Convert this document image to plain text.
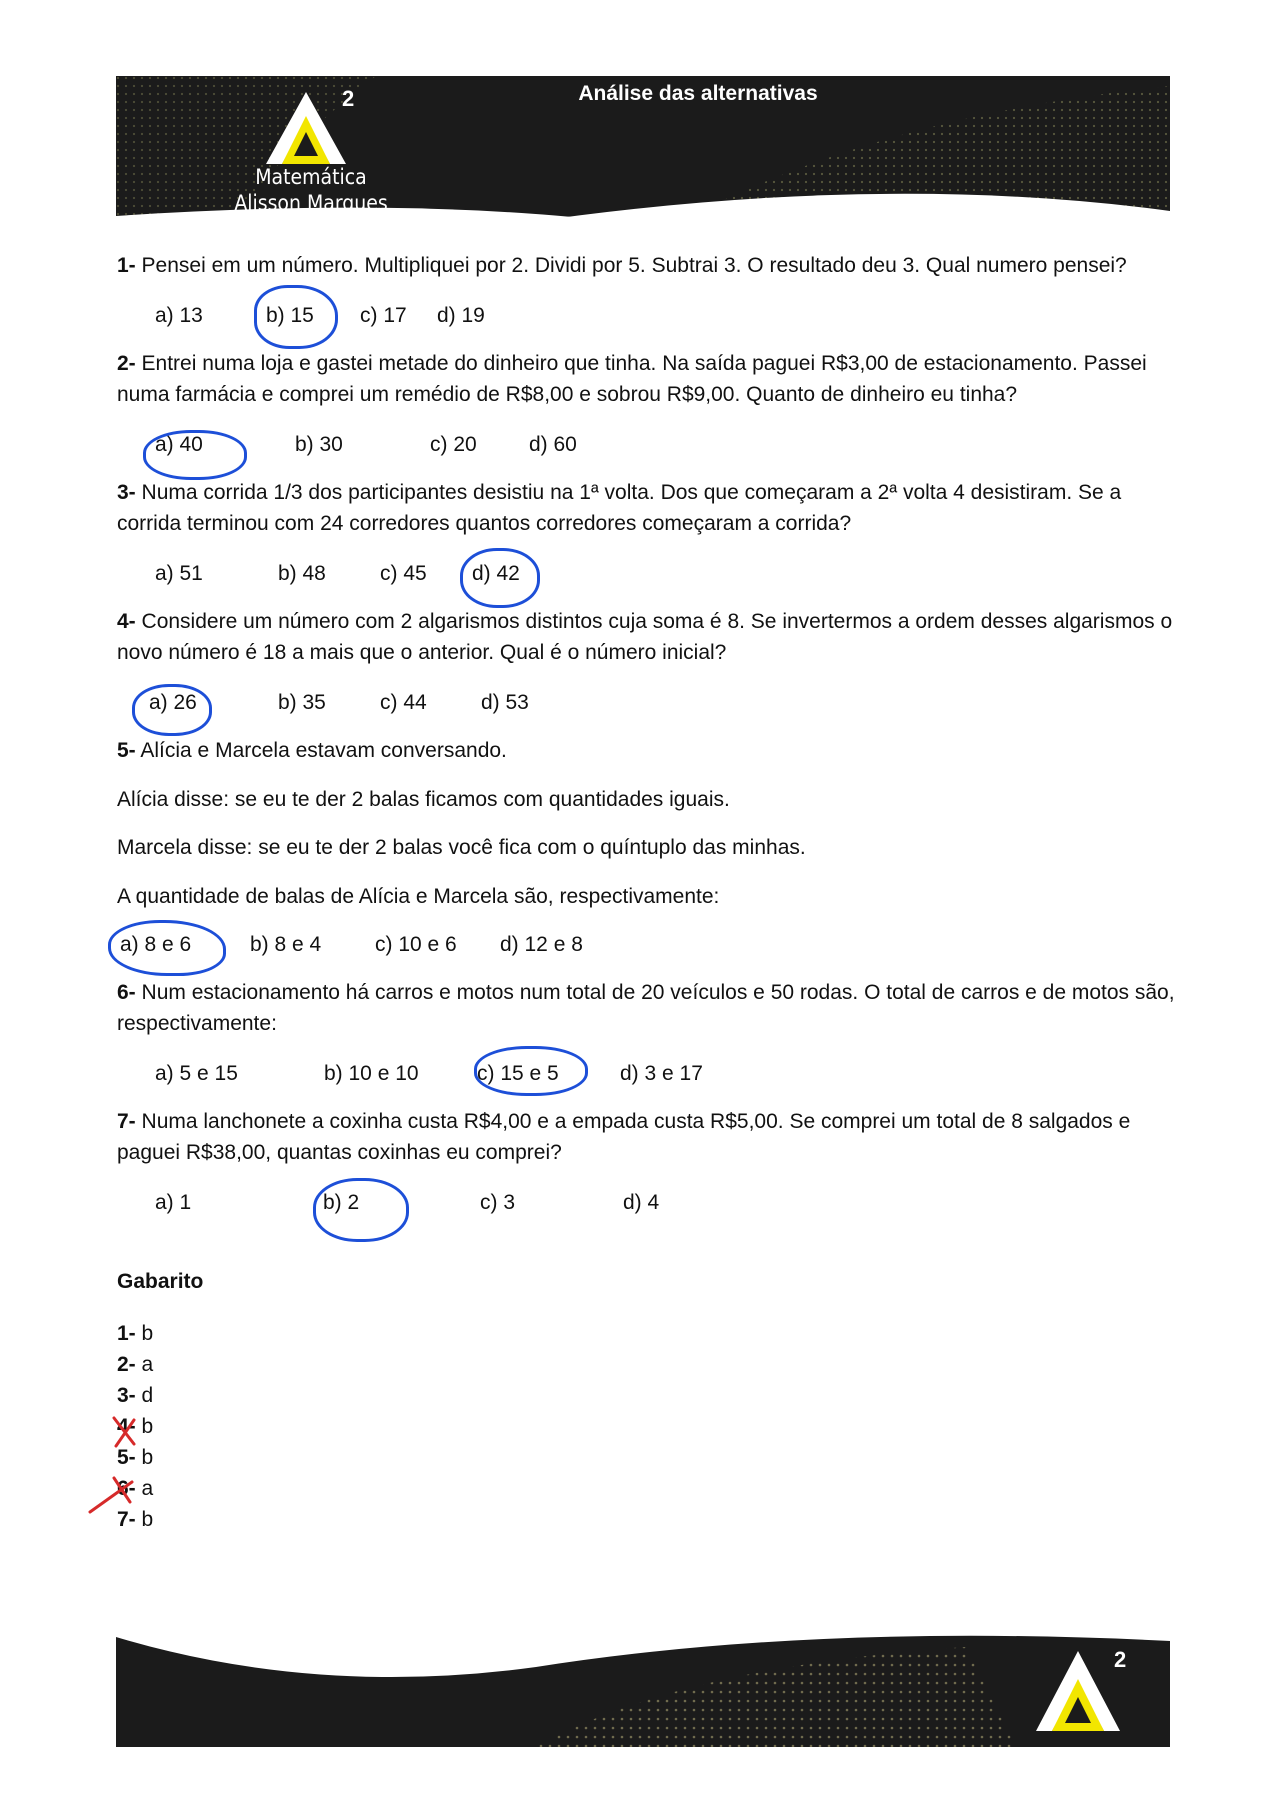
2
Matemática
Alisson Marques
Análise das alternativas
1- Pensei em um número. Multipliquei por 2. Dividi por 5. Subtrai 3. O resultado deu 3. Qual numero pensei?
a) 13	b) 15 c) 17 d) 19
2- Entrei numa loja e gastei metade do dinheiro que tinha. Na saída paguei R$3,00 de estacionamento. Passei numa farmácia e comprei um remédio de R$8,00 e sobrou R$9,00. Quanto de dinheiro eu tinha?
a) 40	b) 30	c) 20 d) 60
3- Numa corrida 1/3 dos participantes desistiu na 1ª volta. Dos que começaram a 2ª volta 4 desistiram. Se a corrida terminou com 24 corredores quantos corredores começaram a corrida?
a) 51	b) 48	c) 45 d) 42
4- Considere um número com 2 algarismos distintos cuja soma é 8. Se invertermos a ordem desses algarismos o novo número é 18 a mais que o anterior. Qual é o número inicial?
a) 26	b) 35	c) 44	d) 53
5- Alícia e Marcela estavam conversando.
Alícia disse: se eu te der 2 balas ficamos com quantidades iguais.
Marcela disse: se eu te der 2 balas você fica com o quíntuplo das minhas.
A quantidade de balas de Alícia e Marcela são, respectivamente:
a) 8 e 6	b) 8 e 4	c) 10 e 6 d) 12 e 8
6- Num estacionamento há carros e motos num total de 20 veículos e 50 rodas. O total de carros e de motos são, respectivamente:
a) 5 e 15	b) 10 e 10	c) 15 e 5	d) 3 e 17
7- Numa lanchonete a coxinha custa R$4,00 e a empada custa R$5,00. Se comprei um total de 8 salgados e paguei R$38,00, quantas coxinhas eu comprei?
a) 1	b) 2	c) 3	d) 4
Gabarito
1- b
2- a
3- d
4- b
5- b
6- a
7- b
2
